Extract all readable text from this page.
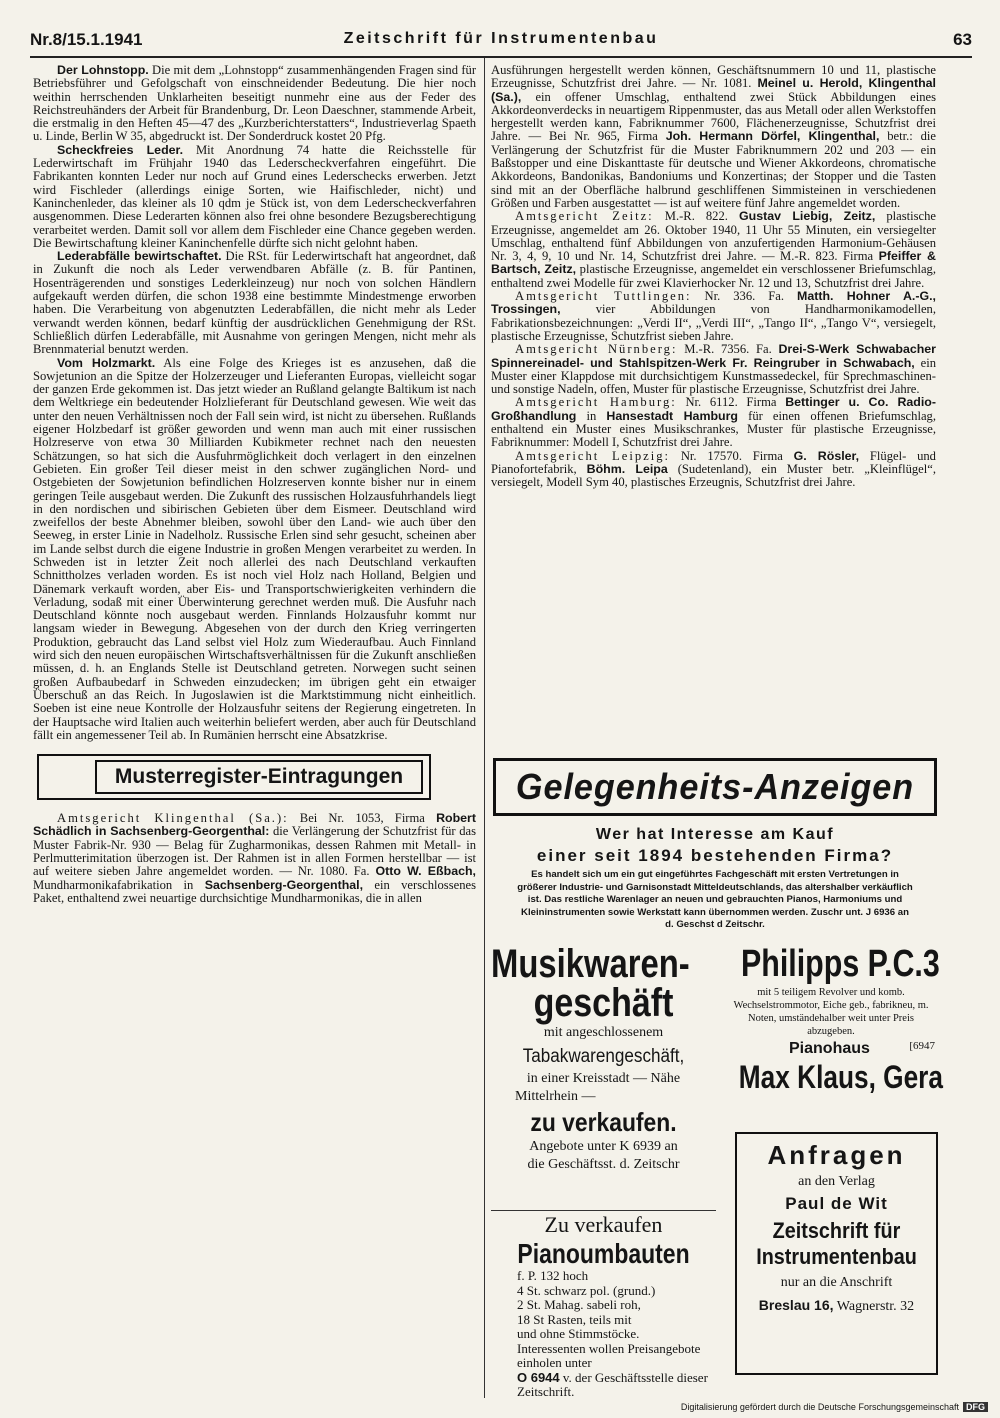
Nr.8/15.1.1941	Zeitschrift für Instrumentenbau	63

Der Lohnstopp. Die mit dem „Lohnstopp“ zusammenhängenden Fragen sind für Betriebsführer und Gefolgschaft von einschneidender Bedeutung. Die hier noch weithin herrschenden Unklarheiten beseitigt nunmehr eine aus der Feder des Reichstreuhänders der Arbeit für Brandenburg, Dr. Leon Daeschner, stammende Arbeit, die erstmalig in den Heften 45—47 des „Kurzberichterstatters“, Industrieverlag Spaeth u. Linde, Berlin W 35, abgedruckt ist. Der Sonderdruck kostet 20 Pfg.

Scheckfreies Leder. Mit Anordnung 74 hatte die Reichsstelle für Lederwirtschaft im Frühjahr 1940 das Lederscheckverfahren eingeführt. Die Fabrikanten konnten Leder nur noch auf Grund eines Lederschecks erwerben. Jetzt wird Fischleder (allerdings einige Sorten, wie Haifischleder, nicht) und Kaninchenleder, das kleiner als 10 qdm je Stück ist, von dem Lederscheckverfahren ausgenommen. Diese Lederarten können also frei ohne besondere Bezugsberechtigung verarbeitet werden. Damit soll vor allem dem Fischleder eine Chance gegeben werden. Die Bewirtschaftung kleiner Kaninchenfelle dürfte sich nicht gelohnt haben.

Lederabfälle bewirtschaftet. Die RSt. für Lederwirtschaft hat angeordnet, daß in Zukunft die noch als Leder verwendbaren Abfälle (z. B. für Pantinen, Hosenträgerenden und sonstiges Lederkleinzeug) nur noch von solchen Händlern aufgekauft werden dürfen, die schon 1938 eine bestimmte Mindestmenge erworben haben. Die Verarbeitung von abgenutzten Lederabfällen, die nicht mehr als Leder verwandt werden können, bedarf künftig der ausdrücklichen Genehmigung der RSt. Schließlich dürfen Lederabfälle, mit Ausnahme von geringen Mengen, nicht mehr als Brennmaterial benutzt werden.

Vom Holzmarkt. Als eine Folge des Krieges ist es anzusehen, daß die Sowjetunion an die Spitze der Holzerzeuger und Lieferanten Europas, vielleicht sogar der ganzen Erde gekommen ist. Das jetzt wieder an Rußland gelangte Baltikum ist nach dem Weltkriege ein bedeutender Holzlieferant für Deutschland gewesen. Wie weit das unter den neuen Verhältnissen noch der Fall sein wird, ist nicht zu übersehen. Rußlands eigener Holzbedarf ist größer geworden und wenn man auch mit einer russischen Holzreserve von etwa 30 Milliarden Kubikmeter rechnet nach den neuesten Schätzungen, so hat sich die Ausfuhrmöglichkeit doch verlagert in den einzelnen Gebieten. Ein großer Teil dieser meist in den schwer zugänglichen Nord- und Ostgebieten der Sowjetunion befindlichen Holzreserven konnte bisher nur in einem geringen Teile ausgebaut werden. Die Zukunft des russischen Holzausfuhrhandels liegt in den nordischen und sibirischen Gebieten über dem Eismeer. Deutschland wird zweifellos der beste Abnehmer bleiben, sowohl über den Land- wie auch über den Seeweg, in erster Linie in Nadelholz. Russische Erlen sind sehr gesucht, scheinen aber im Lande selbst durch die eigene Industrie in großen Mengen verarbeitet zu werden. In Schweden ist in letzter Zeit noch allerlei des nach Deutschland verkauften Schnittholzes verladen worden. Es ist noch viel Holz nach Holland, Belgien und Dänemark verkauft worden, aber Eis- und Transportschwierigkeiten verhindern die Verladung, sodaß mit einer Überwinterung gerechnet werden muß. Die Ausfuhr nach Deutschland könnte noch ausgebaut werden. Finnlands Holzausfuhr kommt nur langsam wieder in Bewegung. Abgesehen von der durch den Krieg verringerten Produktion, gebraucht das Land selbst viel Holz zum Wiederaufbau. Auch Finnland wird sich den neuen europäischen Wirtschaftsverhältnissen für die Zukunft anschließen müssen, d. h. an Englands Stelle ist Deutschland getreten. Norwegen sucht seinen großen Aufbaubedarf in Schweden einzudecken; im übrigen geht ein etwaiger Überschuß an das Reich. In Jugoslawien ist die Marktstimmung nicht einheitlich. Soeben ist eine neue Kontrolle der Holzausfuhr seitens der Regierung eingetreten. In der Hauptsache wird Italien auch weiterhin beliefert werden, aber auch für Deutschland fällt ein angemessener Teil ab. In Rumänien herrscht eine Absatzkrise.

Musterregister-Eintragungen

Amtsgericht Klingenthal (Sa.): Bei Nr. 1053, Firma Robert Schädlich in Sachsenberg-Georgenthal: die Verlängerung der Schutzfrist für das Muster Fabrik-Nr. 930 — Belag für Zugharmonikas, dessen Rahmen mit Metall- in Perlmutterimitation überzogen ist. Der Rahmen ist in allen Formen herstellbar — ist auf weitere sieben Jahre angemeldet worden. — Nr. 1080. Fa. Otto W. Eßbach, Mundharmonikafabrikation in Sachsenberg-Georgenthal, ein verschlossenes Paket, enthaltend zwei neuartige durchsichtige Mundharmonikas, die in allen

Ausführungen hergestellt werden können, Geschäftsnummern 10 und 11, plastische Erzeugnisse, Schutzfrist drei Jahre. — Nr. 1081. Meinel u. Herold, Klingenthal (Sa.), ein offener Umschlag, enthaltend zwei Stück Abbildungen eines Akkordeonverdecks in neuartigem Rippenmuster, das aus Metall oder allen Werkstoffen hergestellt werden kann, Fabriknummer 7600, Flächenerzeugnisse, Schutzfrist drei Jahre. — Bei Nr. 965, Firma Joh. Hermann Dörfel, Klingenthal, betr.: die Verlängerung der Schutzfrist für die Muster Fabriknummern 202 und 203 — ein Baßstopper und eine Diskanttaste für deutsche und Wiener Akkordeons, chromatische Akkordeons, Bandonikas, Bandoniums und Konzertinas; der Stopper und die Tasten sind mit an der Oberfläche halbrund geschliffenen Simmisteinen in verschiedenen Größen und Farben ausgestattet — ist auf weitere fünf Jahre angemeldet worden.

Amtsgericht Zeitz: M.-R. 822. Gustav Liebig, Zeitz, plastische Erzeugnisse, angemeldet am 26. Oktober 1940, 11 Uhr 55 Minuten, ein versiegelter Umschlag, enthaltend fünf Abbildungen von anzufertigenden Harmonium-Gehäusen Nr. 3, 4, 9, 10 und Nr. 14, Schutzfrist drei Jahre. — M.-R. 823. Firma Pfeiffer & Bartsch, Zeitz, plastische Erzeugnisse, angemeldet ein verschlossener Briefumschlag, enthaltend zwei Modelle für zwei Klavierhocker Nr. 12 und 13, Schutzfrist drei Jahre.

Amtsgericht Tuttlingen: Nr. 336. Fa. Matth. Hohner A.-G., Trossingen,	vier Abbildungen von Handharmonikamodellen, Fabrikationsbezeichnungen: „Verdi II“, „Verdi III“, „Tango II“, „Tango V“, versiegelt, plastische Erzeugnisse, Schutzfrist sieben Jahre.

Amtsgericht Nürnberg: M.-R. 7356. Fa. Drei-S-Werk Schwabacher Spinnereinadel- und Stahlspitzen-Werk Fr. Reingruber in Schwabach, ein Muster einer Klappdose mit durchsichtigem Kunstmassedeckel, für Sprechmaschinen- und sonstige Nadeln, offen, Muster für plastische Erzeugnisse, Schutzfrist drei Jahre.

Amtsgericht Hamburg: Nr. 6112. Firma Bettinger u. Co. Radio-Großhandlung in Hansestadt Hamburg für einen offenen Briefumschlag, enthaltend ein Muster eines Musikschrankes, Muster für plastische Erzeugnisse, Fabriknummer: Modell I, Schutzfrist drei Jahre.

Amtsgericht Leipzig: Nr. 17570. Firma G. Rösler, Flügel- und Pianofortefabrik, Böhm. Leipa (Sudetenland), ein Muster betr. „Kleinflügel“, versiegelt, Modell Sym 40, plastisches Erzeugnis, Schutzfrist drei Jahre.

Gelegenheits-Anzeigen
Wer hat Interesse am Kauf
einer seit 1894 bestehenden Firma?
Es handelt sich um ein gut eingeführtes Fachgeschäft mit ersten Vertretungen in größerer Industrie- und Garnisonstadt Mitteldeutschlands, das altershalber verkäuflich ist. Das restliche Warenlager an neuen und gebrauchten Pianos, Harmoniums und Kleininstrumenten sowie Werkstatt kann übernommen werden. Zuschr unt. J 6936 an d. Geschst d Zeitschr.
Musikwaren-
geschäft
mit angeschlossenem
Tabakwarengeschäft,
in einer Kreisstadt — Nähe
Mittelrhein —
zu verkaufen.
Angebote unter K 6939 an
die Geschäftsst. d. Zeitschr
Philipps P.C.3
mit 5 teiligem Revolver und komb. Wechselstrommotor, Eiche geb., fabrikneu, m. Noten, umständehalber weit unter Preis abzugeben.
Pianohaus	[6947
Max Klaus, Gera
Zu verkaufen
Pianoumbauten
f. P. 132 hoch
4 St. schwarz pol. (grund.)
2 St. Mahag. sabeli roh,
18 St Rasten, teils mit
und ohne Stimmstöcke.
Interessenten wollen Preisangebote einholen unter
O 6944 v. der Geschäftsstelle dieser Zeitschrift.
Anfragen
an den Verlag
Paul de Wit
Zeitschrift für Instrumentenbau
nur an die Anschrift
Breslau 16, Wagnerstr. 32
Digitalisierung gefördert durch die Deutsche Forschungsgemeinschaft DFG
